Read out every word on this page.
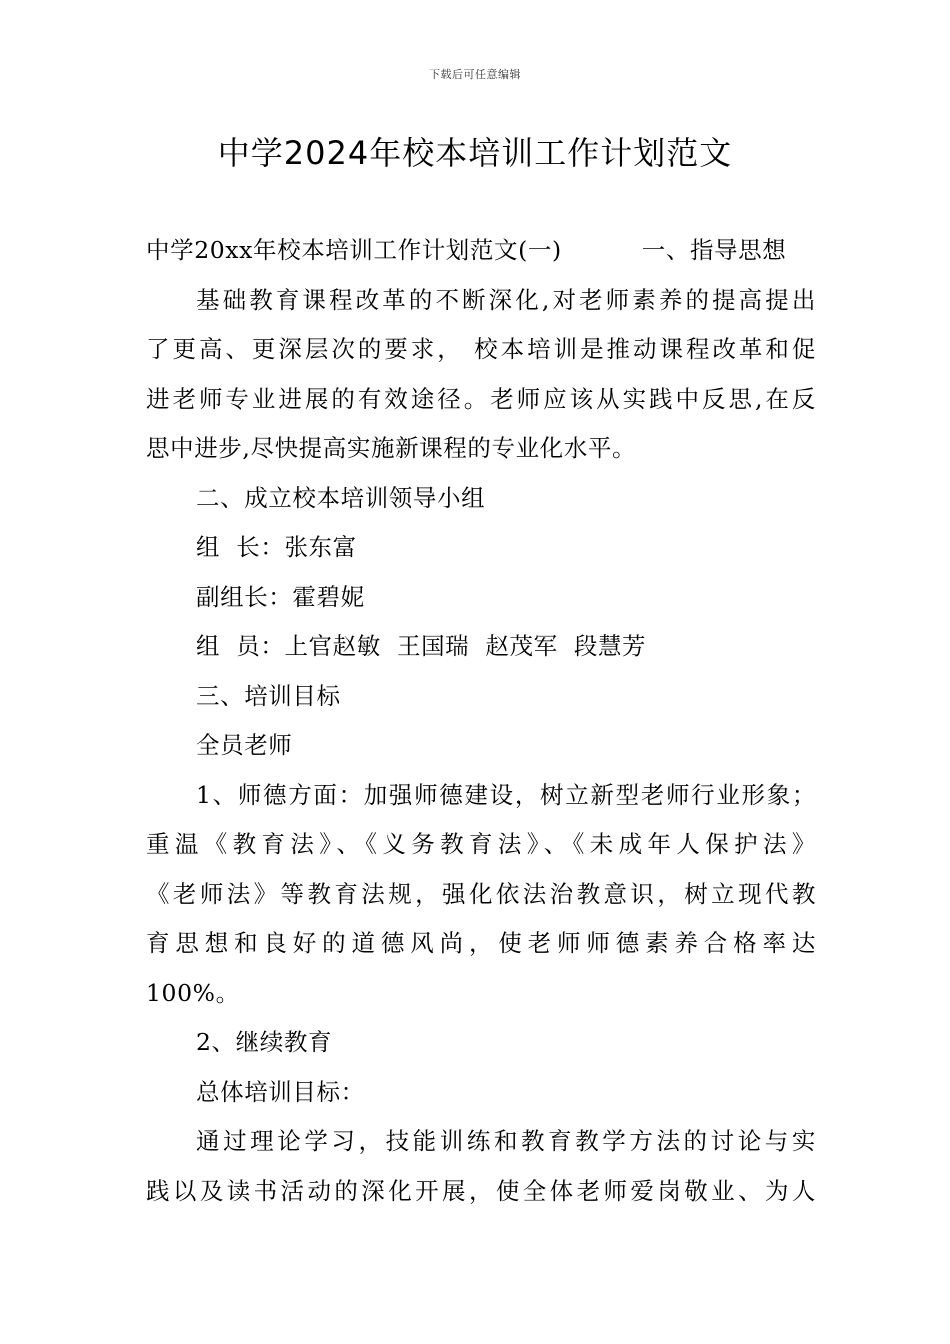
下载后可任意编辑
中学2024年校本培训工作计划范文

中学20xx年校本培训工作计划范文(一)	一、指导思想

基础教育课程改革的不断深化,对老师素养的提高提出
了更高、更深层次的要求， 校本培训是推动课程改革和促
进老师专业进展的有效途径。老师应该从实践中反思,在反
思中进步,尽快提高实施新课程的专业化水平。

二、成立校本培训领导小组

组  长：张东富

副组长：霍碧妮

组  员：上官赵敏  王国瑞  赵茂军  段慧芳

三、培训目标

全员老师

1、师德方面：加强师德建设，树立新型老师行业形象；
重温《教育法》、《义务教育法》、《未成年人保护法》
《老师法》等教育法规，强化依法治教意识，树立现代教
育思想和良好的道德风尚，使老师师德素养合格率达
100%。

2、继续教育

总体培训目标：

通过理论学习，技能训练和教育教学方法的讨论与实
践以及读书活动的深化开展，使全体老师爱岗敬业、为人
